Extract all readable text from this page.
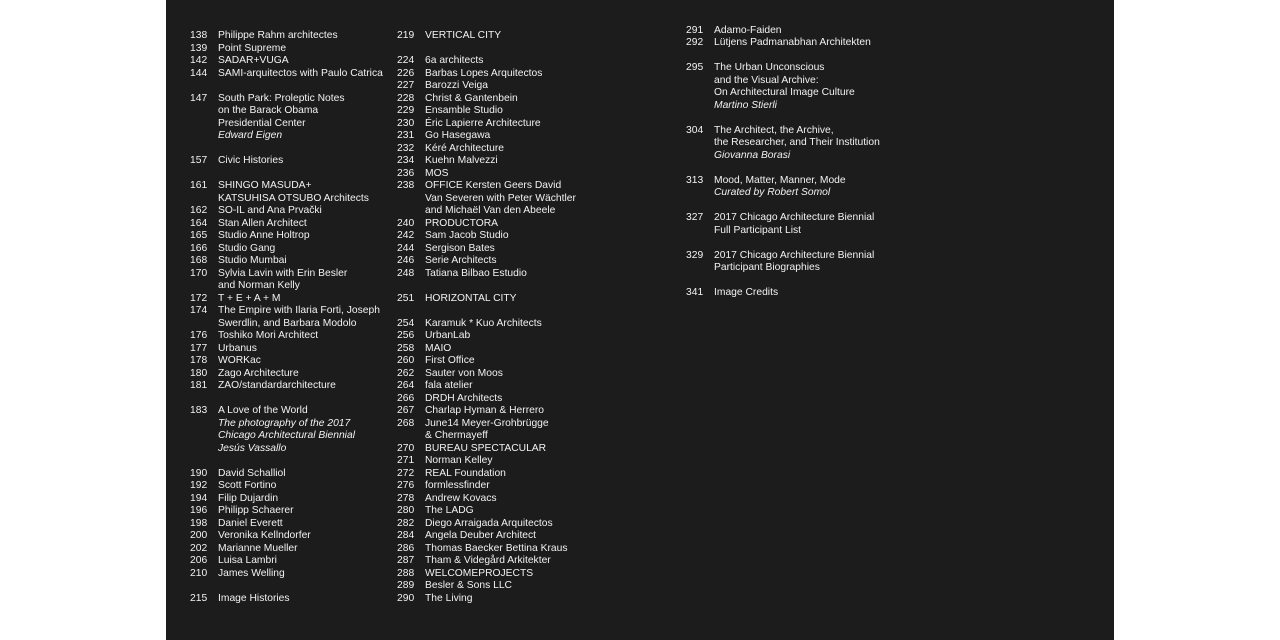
138	Philippe Rahm architectes
139	Point Supreme
142	SADAR+VUGA
144	SAMI-arquitectos with Paulo Catrica
147	South Park: Proleptic Notes
on the Barack Obama
Presidential Center
Edward Eigen
157	Civic Histories
161	SHINGO MASUDA+
KATSUHISA OTSUBO Architects
162	SO-IL and Ana Prvački
164	Stan Allen Architect
165	Studio Anne Holtrop
166	Studio Gang
168	Studio Mumbai
170	Sylvia Lavin with Erin Besler
and Norman Kelly
172	T + E + A + M
174	The Empire with Ilaria Forti, Joseph
Swerdlin, and Barbara Modolo
176	Toshiko Mori Architect
177	Urbanus
178	WORKac
180	Zago Architecture
181	ZAO/standardarchitecture
183	A Love of the World
The photography of the 2017
Chicago Architectural Biennial
Jesús Vassallo
190	David Schalliol
192	Scott Fortino
194	Filip Dujardin
196	Philipp Schaerer
198	Daniel Everett
200	Veronika Kellndorfer
202	Marianne Mueller
206	Luisa Lambri
210	James Welling
215	Image Histories
219	VERTICAL CITY
224	6a architects
226	Barbas Lopes Arquitectos
227	Barozzi Veiga
228	Christ & Gantenbein
229	Ensamble Studio
230	Éric Lapierre Architecture
231	Go Hasegawa
232	Kéré Architecture
234	Kuehn Malvezzi
236	MOS
238	OFFICE Kersten Geers David
Van Severen with Peter Wächtler
and Michaël Van den Abeele
240	PRODUCTORA
242	Sam Jacob Studio
244	Sergison Bates
246	Serie Architects
248	Tatiana Bilbao Estudio
251	HORIZONTAL CITY
254	Karamuk * Kuo Architects
256	UrbanLab
258	MAIO
260	First Office
262	Sauter von Moos
264	fala atelier
266	DRDH Architects
267	Charlap Hyman & Herrero
268	June14 Meyer-Grohbrügge
& Chermayeff
270	BUREAU SPECTACULAR
271	Norman Kelley
272	REAL Foundation
276	formlessfinder
278	Andrew Kovacs
280	The LADG
282	Diego Arraigada Arquitectos
284	Angela Deuber Architect
286	Thomas Baecker Bettina Kraus
287	Tham & Videgård Arkitekter
288	WELCOMEPROJECTS
289	Besler & Sons LLC
290	The Living
291	Adamo-Faiden
292	Lütjens Padmanabhan Architekten
295	The Urban Unconscious
and the Visual Archive:
On Architectural Image Culture
Martino Stierli
304	The Architect, the Archive,
the Researcher, and Their Institution
Giovanna Borasi
313	Mood, Matter, Manner, Mode
Curated by Robert Somol
327	2017 Chicago Architecture Biennial
Full Participant List
329	2017 Chicago Architecture Biennial
Participant Biographies
341	Image Credits
